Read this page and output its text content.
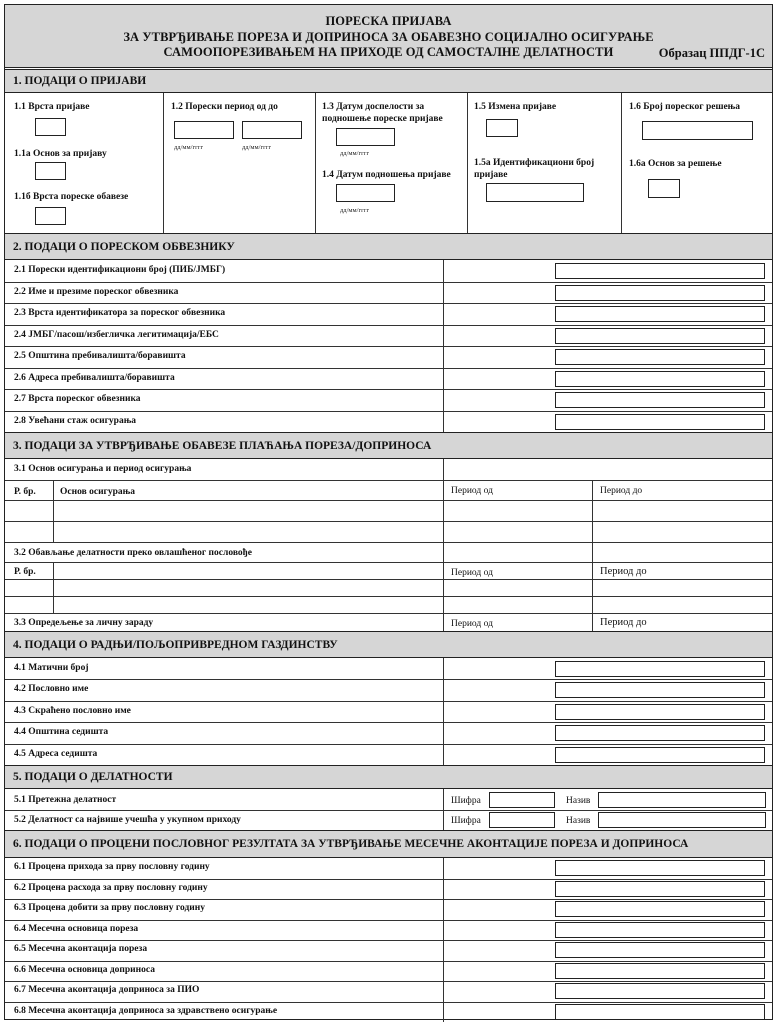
ПОРЕСКА ПРИЈАВА
ЗА УТВРЂИВАЊЕ ПОРЕЗА И ДОПРИНОСА ЗА ОБАВЕЗНО СОЦИЈАЛНО ОСИГУРАЊЕ
САМООПОРЕЗИВАЊЕМ НА ПРИХОДЕ ОД САМОСТАЛНЕ ДЕЛАТНОСТИ	Образац ППДГ-1С
1. ПОДАЦИ О ПРИЈАВИ
1.1 Врста пријаве
1.1а Основ за пријаву
1.1б Врста пореске обавезе
1.2 Порески период од до
дд/мм/гггг	дд/мм/гггг
1.3 Датум доспелости за
подношење пореске пријаве
дд/мм/гггг
1.4 Датум подношења пријаве
дд/мм/гггг
1.5 Измена пријаве
1.5а Идентификациони број
пријаве
1.6 Број пореског решења
1.6а Основ за решење
2. ПОДАЦИ О ПОРЕСКОМ ОБВЕЗНИКУ
2.1 Порески идентификациони број (ПИБ/ЈМБГ)
2.2 Име и презиме пореског обвезника
2.3 Врста идентификатора за пореског обвезника
2.4 ЈМБГ/пасош/избегличка легитимација/ЕБС
2.5 Општина пребивалишта/боравишта
2.6 Адреса пребивалишта/боравишта
2.7 Врста пореског обвезника
2.8 Увећани стаж осигурања
3. ПОДАЦИ ЗА УТВРЂИВАЊЕ ОБАВЕЗЕ ПЛАЋАЊА ПОРЕЗА/ДОПРИНОСА
3.1 Основ осигурања и период осигурања
Р. бр.	Основ осигурања	Период од	Период до
3.2 Обављање делатности преко овлашћеног пословође
Р. бр.	Период од	Период до
3.3 Опредељење за личну зараду	Период од	Период до
4. ПОДАЦИ О РАДЊИ/ПОЉОПРИВРЕДНОМ ГАЗДИНСТВУ
4.1 Матични број
4.2 Пословно име
4.3 Скраћено пословно име
4.4 Општина седишта
4.5 Адреса седишта
5. ПОДАЦИ О ДЕЛАТНОСТИ
5.1 Претежна делатност	Шифра	Назив
5.2 Делатност са највише учешћа у укупном приходу	Шифра	Назив
6. ПОДАЦИ О ПРОЦЕНИ ПОСЛОВНОГ РЕЗУЛТАТА ЗА УТВРЂИВАЊЕ МЕСЕЧНЕ АКОНТАЦИЈЕ ПОРЕЗА И ДОПРИНОСА
6.1 Процена прихода за прву пословну годину
6.2 Процена расхода за прву пословну годину
6.3 Процена добити за прву пословну годину
6.4 Месечна основица пореза
6.5 Месечна аконтација пореза
6.6 Месечна основица доприноса
6.7 Месечна аконтација доприноса за ПИО
6.8 Месечна аконтација доприноса за здравствено осигурање
